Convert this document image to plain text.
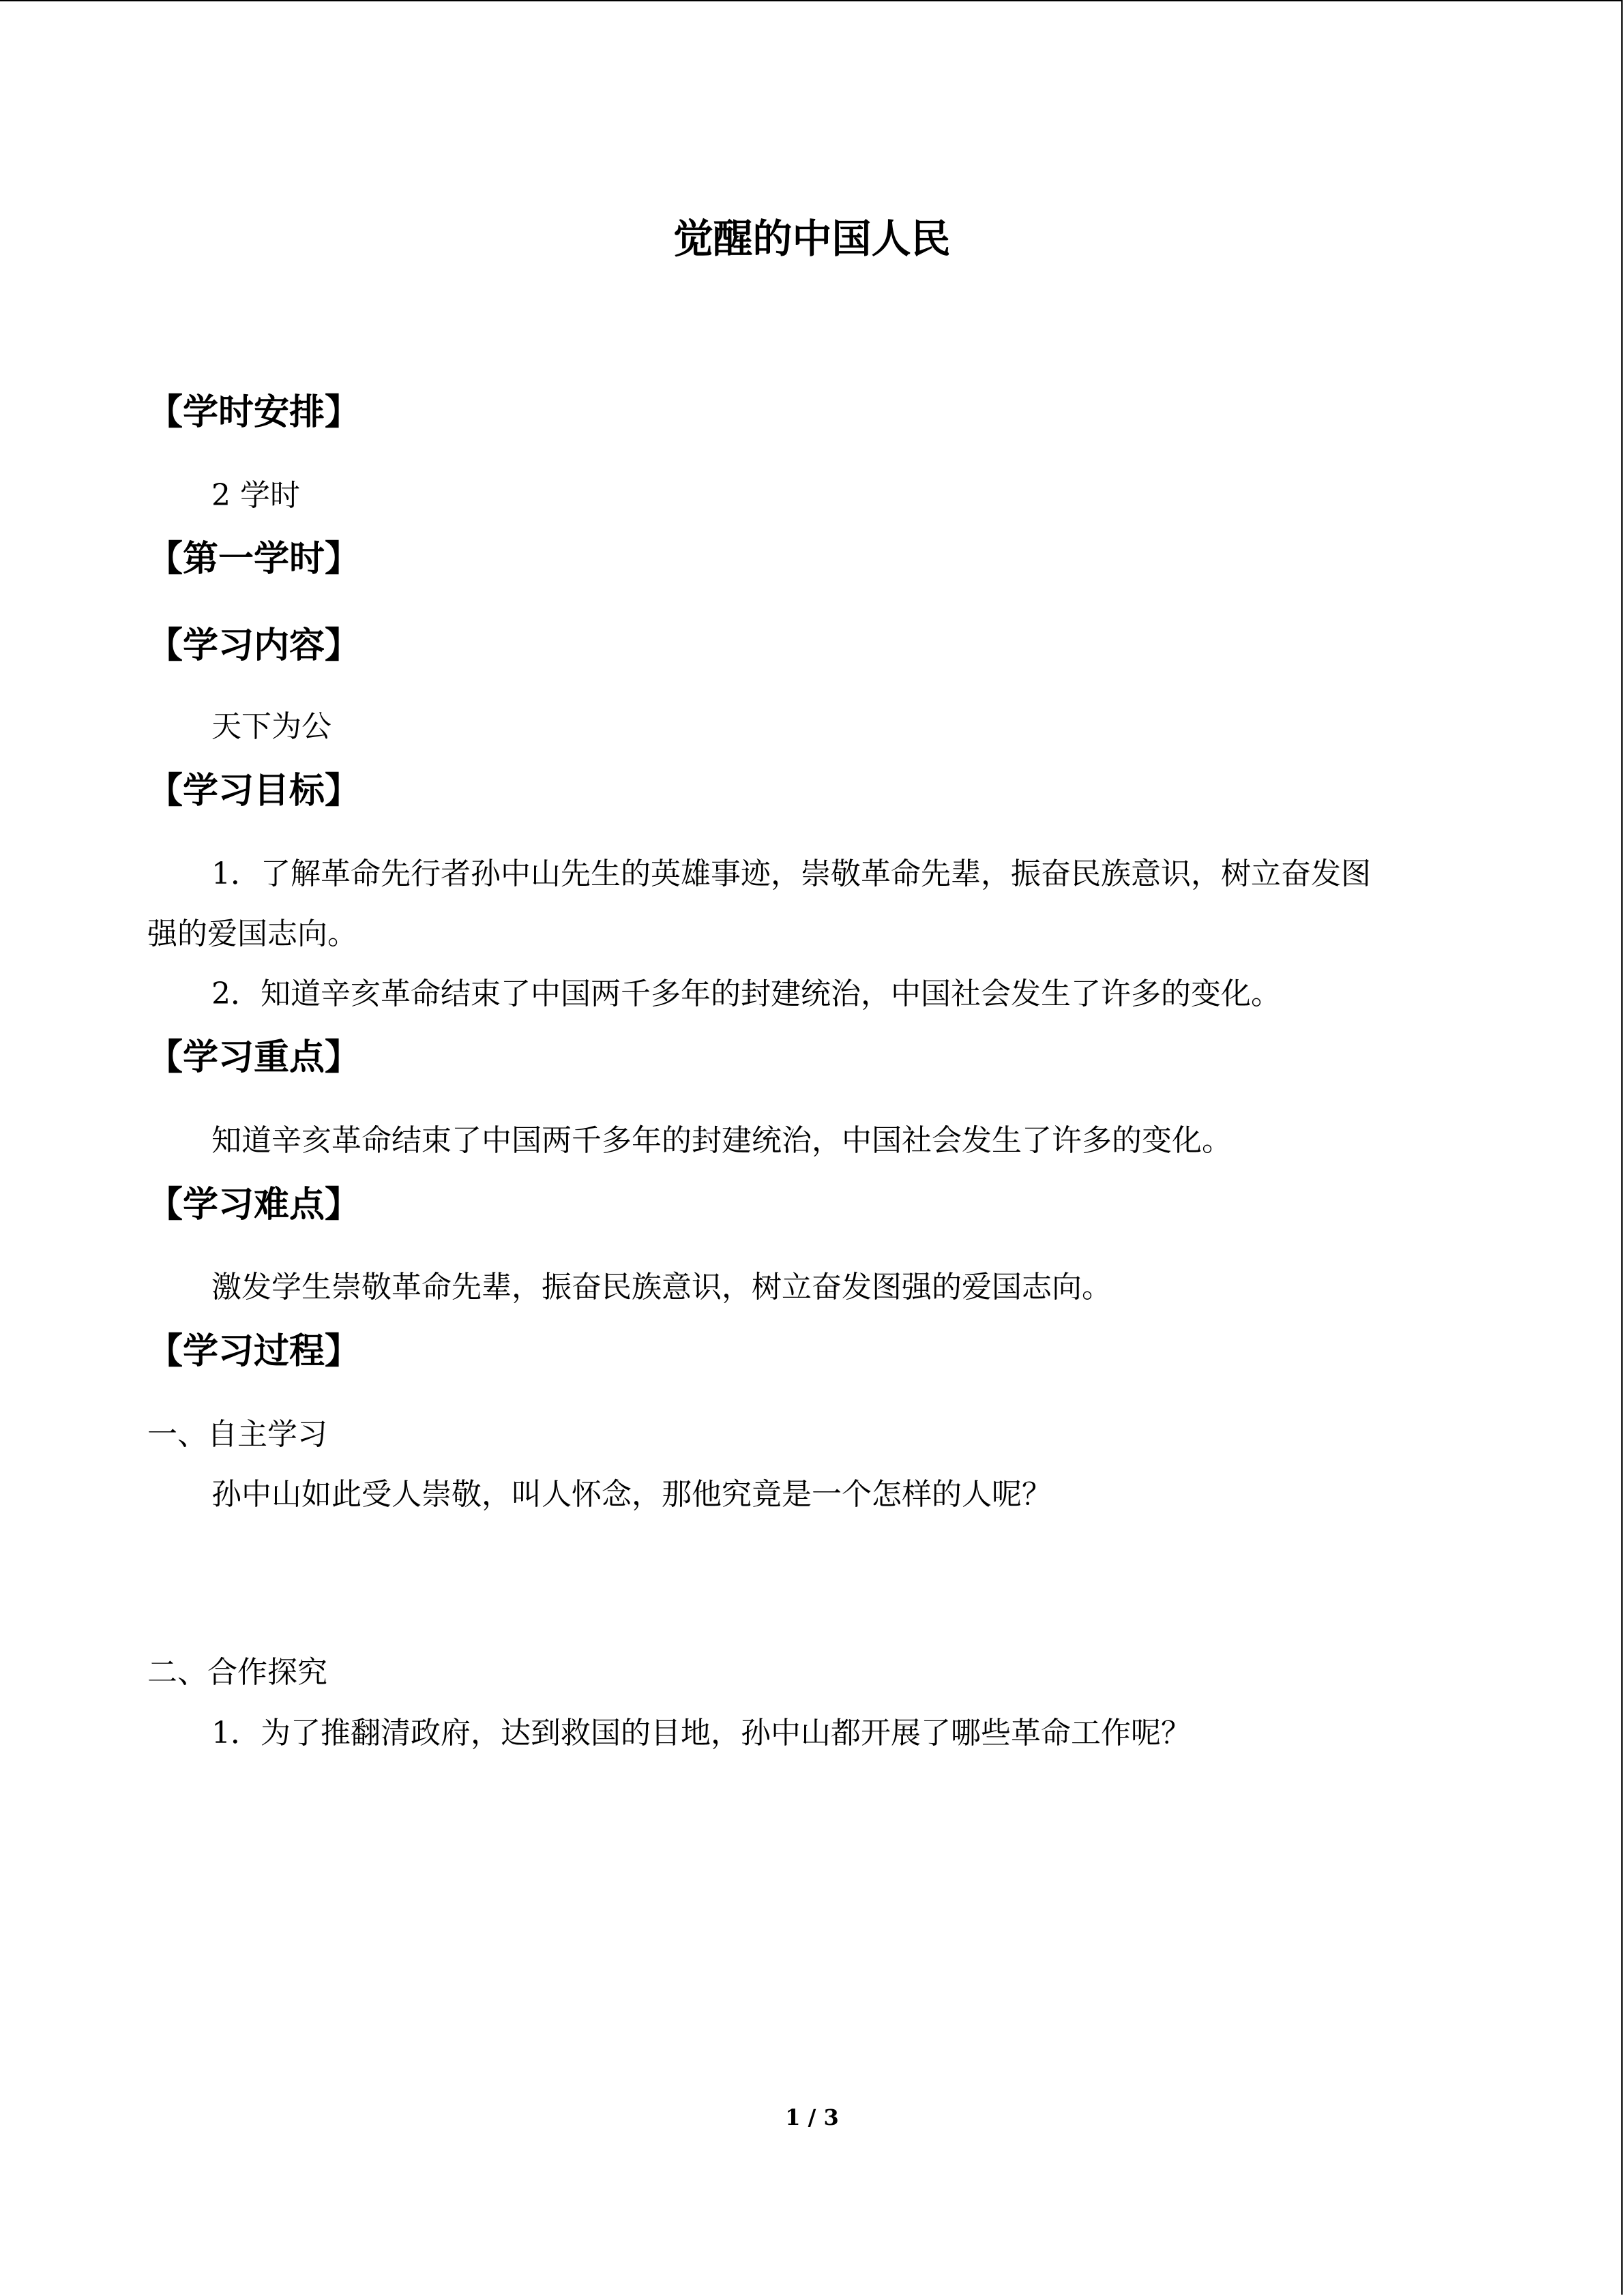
觉醒的中国人民
【学时安排】
2 学时
【第一学时】
【学习内容】
天下为公
【学习目标】
1．了解革命先行者孙中山先生的英雄事迹，崇敬革命先辈，振奋民族意识，树立奋发图
强的爱国志向。
2．知道辛亥革命结束了中国两千多年的封建统治，中国社会发生了许多的变化。
【学习重点】
知道辛亥革命结束了中国两千多年的封建统治，中国社会发生了许多的变化。
【学习难点】
激发学生崇敬革命先辈，振奋民族意识，树立奋发图强的爱国志向。
【学习过程】
一、自主学习
孙中山如此受人崇敬，叫人怀念，那他究竟是一个怎样的人呢？
二、合作探究
1．为了推翻清政府，达到救国的目地，孙中山都开展了哪些革命工作呢？
1 / 3
